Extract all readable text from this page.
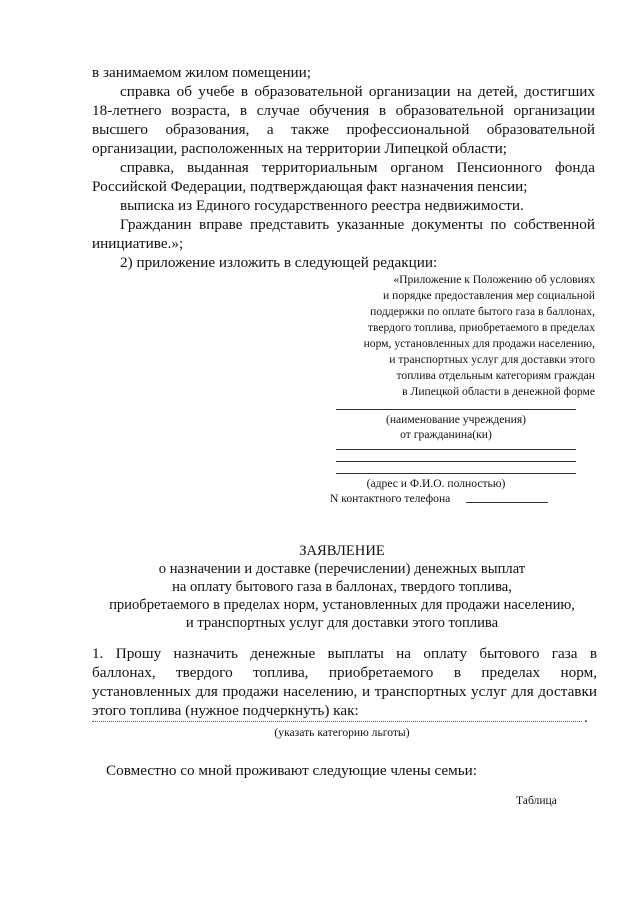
в занимаемом жилом помещении;
справка об учебе в образовательной организации на детей, достигших
18-летнего возраста, в случае обучения в образовательной организации
высшего образования, а также профессиональной образовательной
организации, расположенных на территории Липецкой области;
справка, выданная территориальным органом Пенсионного фонда
Российской Федерации, подтверждающая факт назначения пенсии;
выписка из Единого государственного реестра недвижимости.
Гражданин вправе представить указанные документы по собственной
инициативе.»;
2) приложение изложить в следующей редакции:
«Приложение к Положению об условиях
и порядке предоставления мер социальной
поддержки по оплате бытого газа в баллонах,
твердого топлива, приобретаемого в пределах
норм, установленных для продажи населению,
и транспортных услуг для доставки этого
топлива отдельным категориям граждан
в Липецкой области в денежной форме
(наименование учреждения)
от гражданина(ки)
(адрес и Ф.И.О. полностью)
N контактного телефона
ЗАЯВЛЕНИЕ
о назначении и доставке (перечислении) денежных выплат
на оплату бытового газа в баллонах, твердого топлива,
приобретаемого в пределах норм, установленных для продажи населению,
и транспортных услуг для доставки этого топлива
1. Прошу назначить денежные выплаты на оплату бытового газа в
баллонах, твердого топлива, приобретаемого в пределах норм,
установленных для продажи населению, и транспортных услуг для доставки
этого топлива (нужное подчеркнуть) как:	.
(указать категорию льготы)
Совместно со мной проживают следующие члены семьи:
Таблица
